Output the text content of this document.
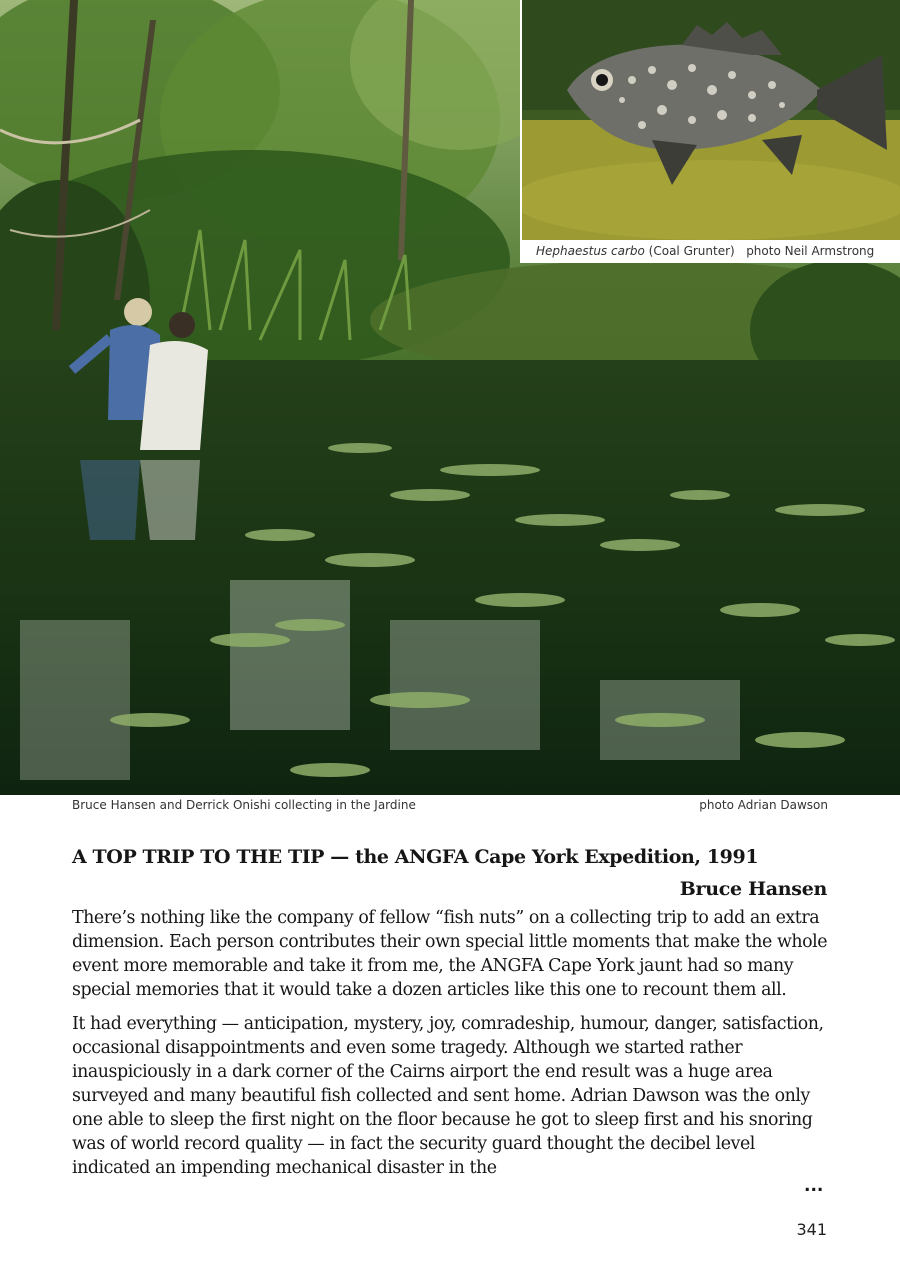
Hephaestus carbo (Coal Grunter) photo Neil Armstrong
Bruce Hansen and Derrick Onishi collecting in the Jardine	photo Adrian Dawson
A TOP TRIP TO THE TIP — the ANGFA Cape York Expedition, 1991
Bruce Hansen

There’s nothing like the company of fellow “fish nuts” on a collecting trip to add an extra dimension. Each person contributes their own special little moments that make the whole event more memorable and take it from me, the ANGFA Cape York jaunt had so many special memories that it would take a dozen articles like this one to recount them all.

It had everything — anticipation, mystery, joy, comradeship, humour, danger, satisfaction, occasional disappointments and even some tragedy. Although we started rather inauspiciously in a dark corner of the Cairns airport the end result was a huge area surveyed and many beautiful fish collected and sent home. Adrian Dawson was the only one able to sleep the first night on the floor because he got to sleep first and his snoring was of world record quality — in fact the security guard thought the decibel level indicated an impending mechanical disaster in the

...
341
